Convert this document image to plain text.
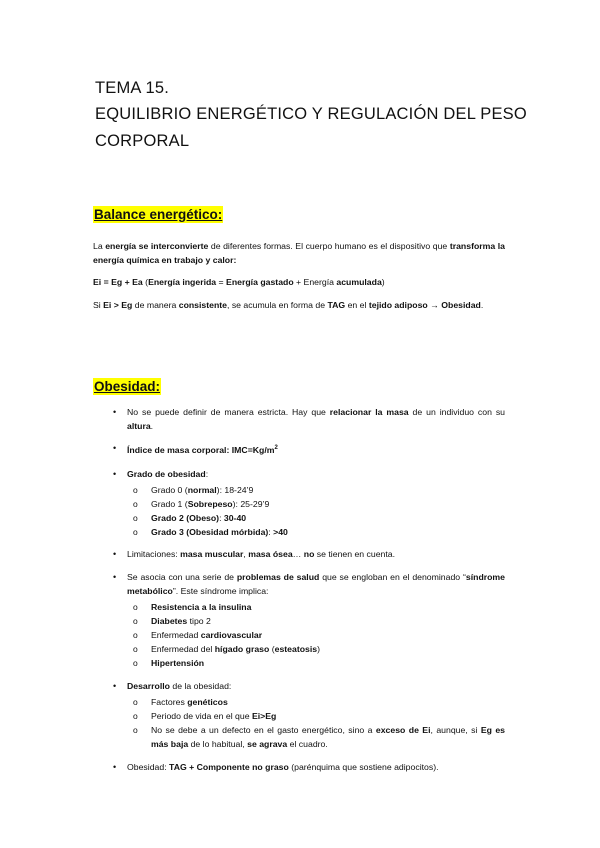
TEMA 15.
EQUILIBRIO ENERGÉTICO Y REGULACIÓN DEL PESO
CORPORAL
Balance energético:
La energía se interconvierte de diferentes formas. El cuerpo humano es el dispositivo que transforma la energía química en trabajo y calor:
Ei = Eg + Ea (Energía ingerida = Energía gastado + Energía acumulada)
Si Ei > Eg de manera consistente, se acumula en forma de TAG en el tejido adiposo → Obesidad.
Obesidad:
• No se puede definir de manera estricta. Hay que relacionar la masa de un individuo con su altura.
• Índice de masa corporal: $IMC=Kg/m^2$
• Grado de obesidad:
o Grado 0 (normal): 18-24’9
o Grado 1 (Sobrepeso): 25-29’9
o Grado 2 (Obeso): 30-40
o Grado 3 (Obesidad mórbida): >40
• Limitaciones: masa muscular, masa ósea… no se tienen en cuenta.
• Se asocia con una serie de problemas de salud que se engloban en el denominado “síndrome metabólico”. Este síndrome implica:
o Resistencia a la insulina
o Diabetes tipo 2
o Enfermedad cardiovascular
o Enfermedad del hígado graso (esteatosis)
o Hipertensión
• Desarrollo de la obesidad:
o Factores genéticos
o Periodo de vida en el que Ei>Eg
o No se debe a un defecto en el gasto energético, sino a exceso de Ei, aunque, si Eg es más baja de lo habitual, se agrava el cuadro.
• Obesidad: TAG + Componente no graso (parénquima que sostiene adipocitos).
